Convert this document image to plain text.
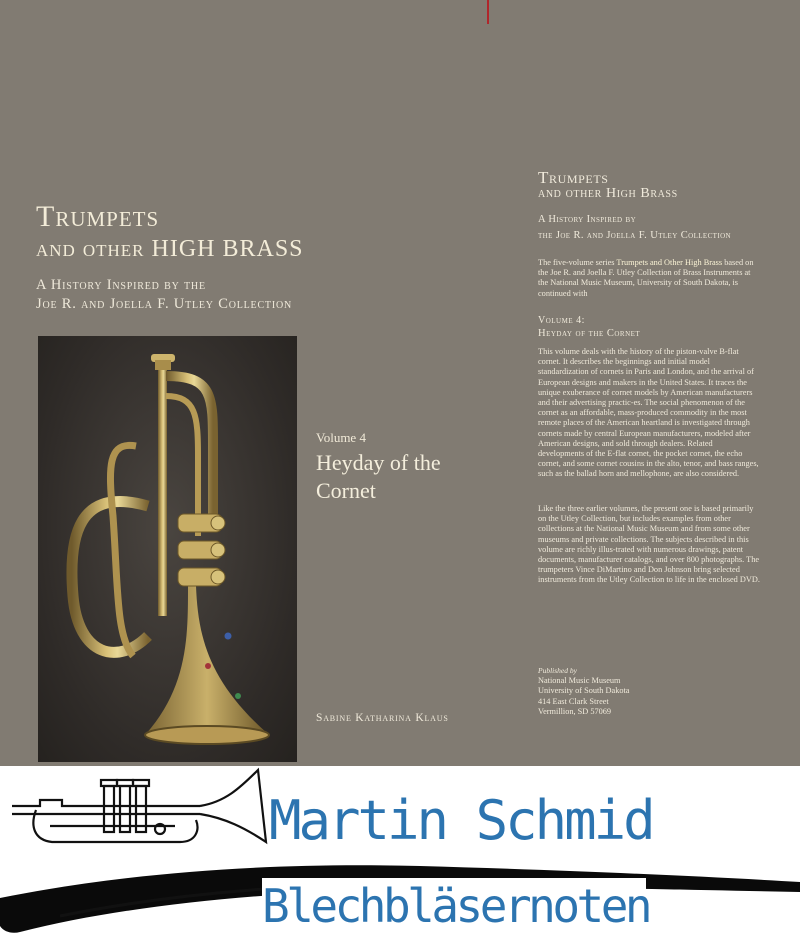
Trumpets
and other HIGH BRASS
A History Inspired by the
Joe R. and Joella F. Utley Collection
Volume 4
Heyday of the Cornet
Sabine Katharina Klaus
Trumpets
and other High Brass
A History Inspired by
the Joe R. and Joella F. Utley Collection
The five-volume series Trumpets and Other High Brass based on the Joe R. and Joella F. Utley Collection of Brass Instruments at the National Music Museum, University of South Dakota, is continued with
Volume 4:
Heyday of the Cornet
This volume deals with the history of the piston-valve B-flat cornet. It describes the beginnings and initial model standardization of cornets in Paris and London, and the arrival of European designs and makers in the United States. It traces the unique exuberance of cornet models by American manufacturers and their advertising practic-es. The social phenomenon of the cornet as an affordable, mass-produced commodity in the most remote places of the American heartland is investigated through cornets made by central European manufacturers, modeled after American designs, and sold through dealers. Related developments of the E-flat cornet, the pocket cornet, the echo cornet, and some cornet cousins in the alto, tenor, and bass ranges, such as the ballad horn and mellophone, are also considered.
Like the three earlier volumes, the present one is based primarily on the Utley Collection, but includes examples from other collections at the National Music Museum and from some other museums and private collections. The subjects described in this volume are richly illus-trated with numerous drawings, patent documents, manufacturer catalogs, and over 800 photographs. The trumpeters Vince DiMartino and Don Johnson bring selected instruments from the Utley Collection to life in the enclosed DVD.
Published by
National Music Museum
University of South Dakota
414 East Clark Street
Vermillion, SD 57069
Martin Schmid
Blechbläsernoten
